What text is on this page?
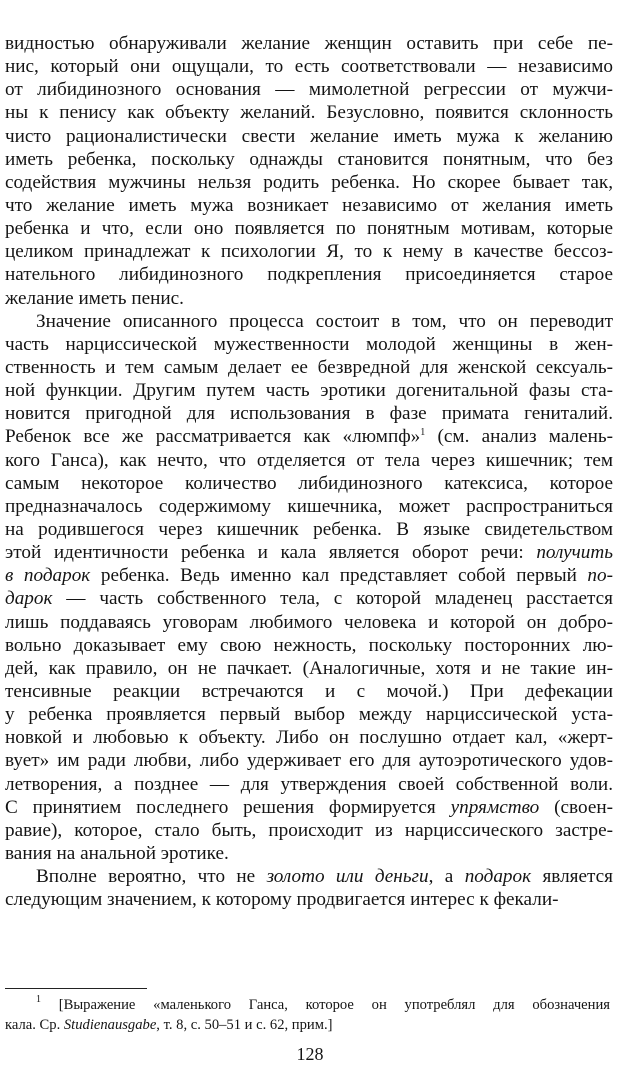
видностью обнаруживали желание женщин оставить при себе пе-
нис, который они ощущали, то есть соответствовали — независимо
от либидинозного основания — мимолетной регрессии от мужчи-
ны к пенису как объекту желаний. Безусловно, появится склонность
чисто рационалистически свести желание иметь мужа к желанию
иметь ребенка, поскольку однажды становится понятным, что без
содействия мужчины нельзя родить ребенка. Но скорее бывает так,
что желание иметь мужа возникает независимо от желания иметь
ребенка и что, если оно появляется по понятным мотивам, которые
целиком принадлежат к психологии Я, то к нему в качестве бессоз-
нательного либидинозного подкрепления присоединяется старое
желание иметь пенис.
Значение описанного процесса состоит в том, что он переводит
часть нарциссической мужественности молодой женщины в жен-
ственность и тем самым делает ее безвредной для женской сексуаль-
ной функции. Другим путем часть эротики догенитальной фазы ста-
новится пригодной для использования в фазе примата гениталий.
Ребенок все же рассматривается как «люмпф»$^1$ (см. анализ малень-
кого Ганса), как нечто, что отделяется от тела через кишечник; тем
самым некоторое количество либидинозного катексиса, которое
предназначалось содержимому кишечника, может распространиться
на родившегося через кишечник ребенка. В языке свидетельством
этой идентичности ребенка и кала является оборот речи: получить
в подарок ребенка. Ведь именно кал представляет собой первый по-
дарок — часть собственного тела, с которой младенец расстается
лишь поддаваясь уговорам любимого человека и которой он добро-
вольно доказывает ему свою нежность, поскольку посторонних лю-
дей, как правило, он не пачкает. (Аналогичные, хотя и не такие ин-
тенсивные реакции встречаются и с мочой.) При дефекации
у ребенка проявляется первый выбор между нарциссической уста-
новкой и любовью к объекту. Либо он послушно отдает кал, «жерт-
вует» им ради любви, либо удерживает его для аутоэротического удов-
летворения, а позднее — для утверждения своей собственной воли.
С принятием последнего решения формируется упрямство (своен-
равие), которое, стало быть, происходит из нарциссического застре-
вания на анальной эротике.
Вполне вероятно, что не золото или деньги, а подарок является
следующим значением, к которому продвигается интерес к фекали-
$^1$ [Выражение «маленького Ганса, которое он употреблял для обозначения
кала. Ср. Studienausgabe, т. 8, с. 50–51 и с. 62, прим.]
128
